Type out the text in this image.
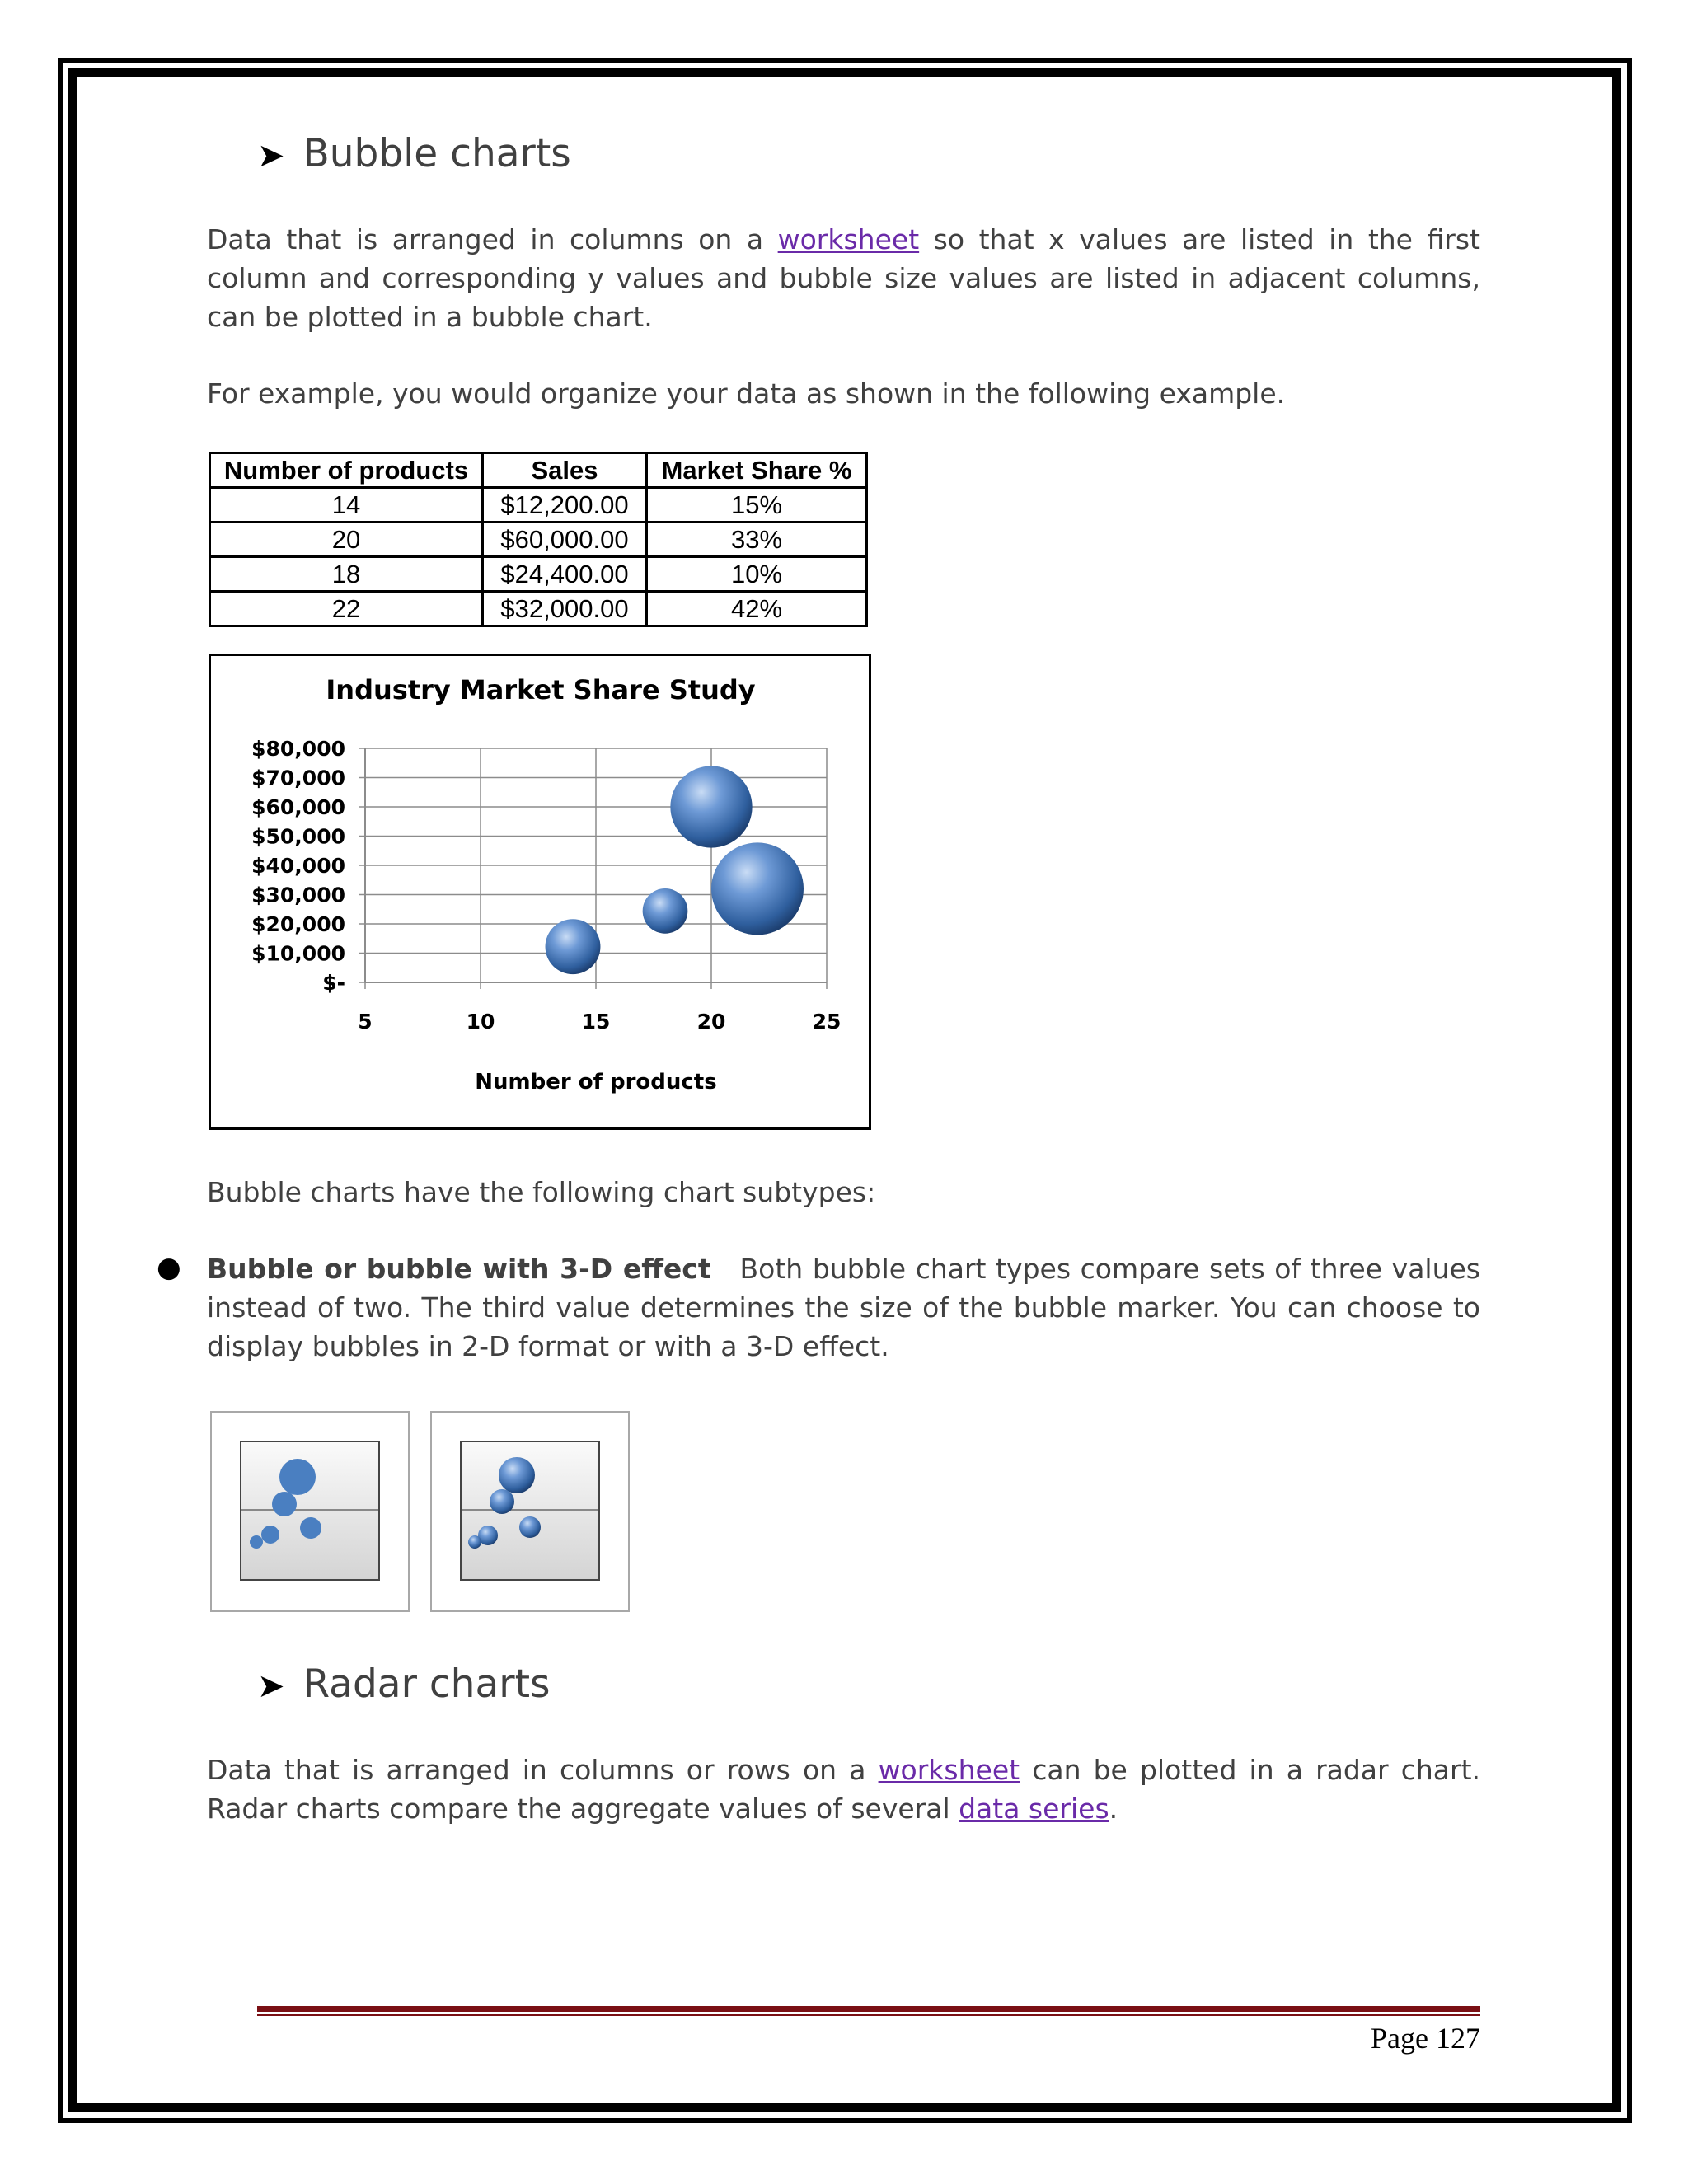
➤ Bubble charts

Data that is arranged in columns on a worksheet so that x values are listed in the first column and corresponding y values and bubble size values are listed in adjacent columns, can be plotted in a bubble chart.

For example, you would organize your data as shown in the following example.

Number of products	Sales	Market Share %
14	$12,200.00	15%
20	$60,000.00	33%
18	$24,400.00	10%
22	$32,000.00	42%
Industry Market Share Study
$-
$10,000
$20,000
$30,000
$40,000
$50,000
$60,000
$70,000
$80,000
5	10	15	20	25
Number of products

Bubble charts have the following chart subtypes:

● Bubble or bubble with 3-D effect   Both bubble chart types compare sets of three values instead of two. The third value determines the size of the bubble marker. You can choose to display bubbles in 2-D format or with a 3-D effect.

➤ Radar charts

Data that is arranged in columns or rows on a worksheet can be plotted in a radar chart. Radar charts compare the aggregate values of several data series.

Page 127
